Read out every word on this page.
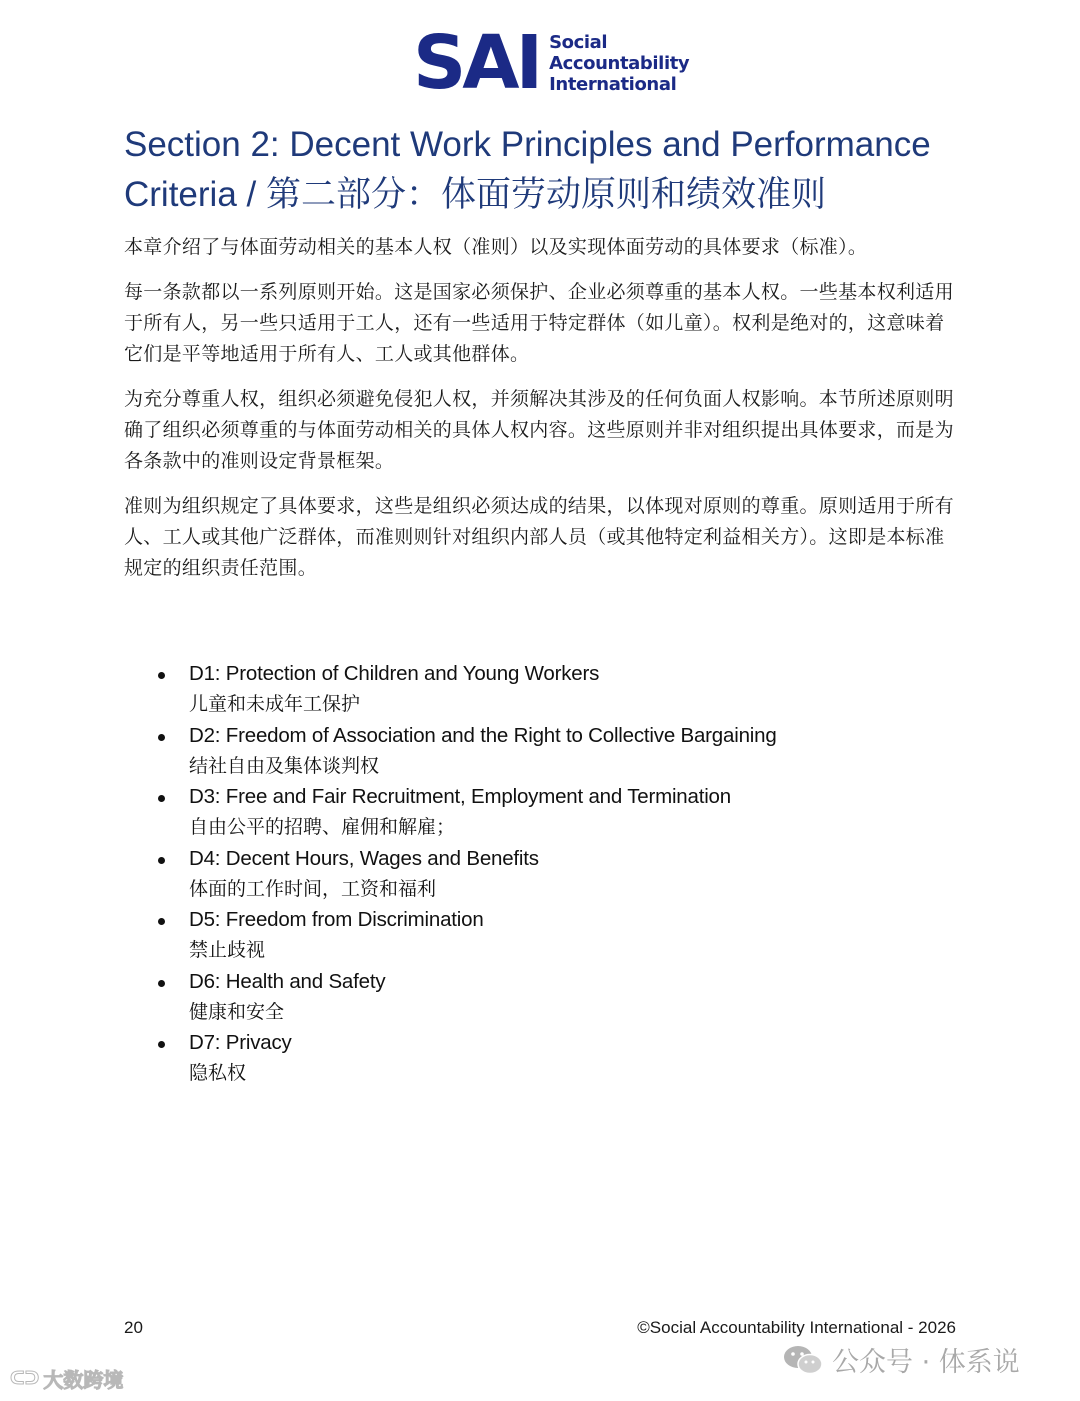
SAI Social
Accountability
International
Section 2: Decent Work Principles and Performance Criteria / 第二部分：体面劳动原则和绩效准则

本章介绍了与体面劳动相关的基本人权（准则）以及实现体面劳动的具体要求（标准）。

每一条款都以一系列原则开始。这是国家必须保护、企业必须尊重的基本人权。一些基本权利适用于所有人，另一些只适用于工人，还有一些适用于特定群体（如儿童）。权利是绝对的，这意味着它们是平等地适用于所有人、工人或其他群体。

为充分尊重人权，组织必须避免侵犯人权，并须解决其涉及的任何负面人权影响。本节所述原则明确了组织必须尊重的与体面劳动相关的具体人权内容。这些原则并非对组织提出具体要求，而是为各条款中的准则设定背景框架。

准则为组织规定了具体要求，这些是组织必须达成的结果，以体现对原则的尊重。原则适用于所有人、工人或其他广泛群体，而准则则针对组织内部人员（或其他特定利益相关方）。这即是本标准规定的组织责任范围。

D1: Protection of Children and Young Workers
儿童和未成年工保护
D2: Freedom of Association and the Right to Collective Bargaining
结社自由及集体谈判权
D3: Free and Fair Recruitment, Employment and Termination
自由公平的招聘、雇佣和解雇；
D4: Decent Hours, Wages and Benefits
体面的工作时间，工资和福利
D5: Freedom from Discrimination
禁止歧视
D6: Health and Safety
健康和安全
D7: Privacy
隐私权
20	©Social Accountability International - 2026
ᑕᑐ 大数跨境
公众号 · 体系说
